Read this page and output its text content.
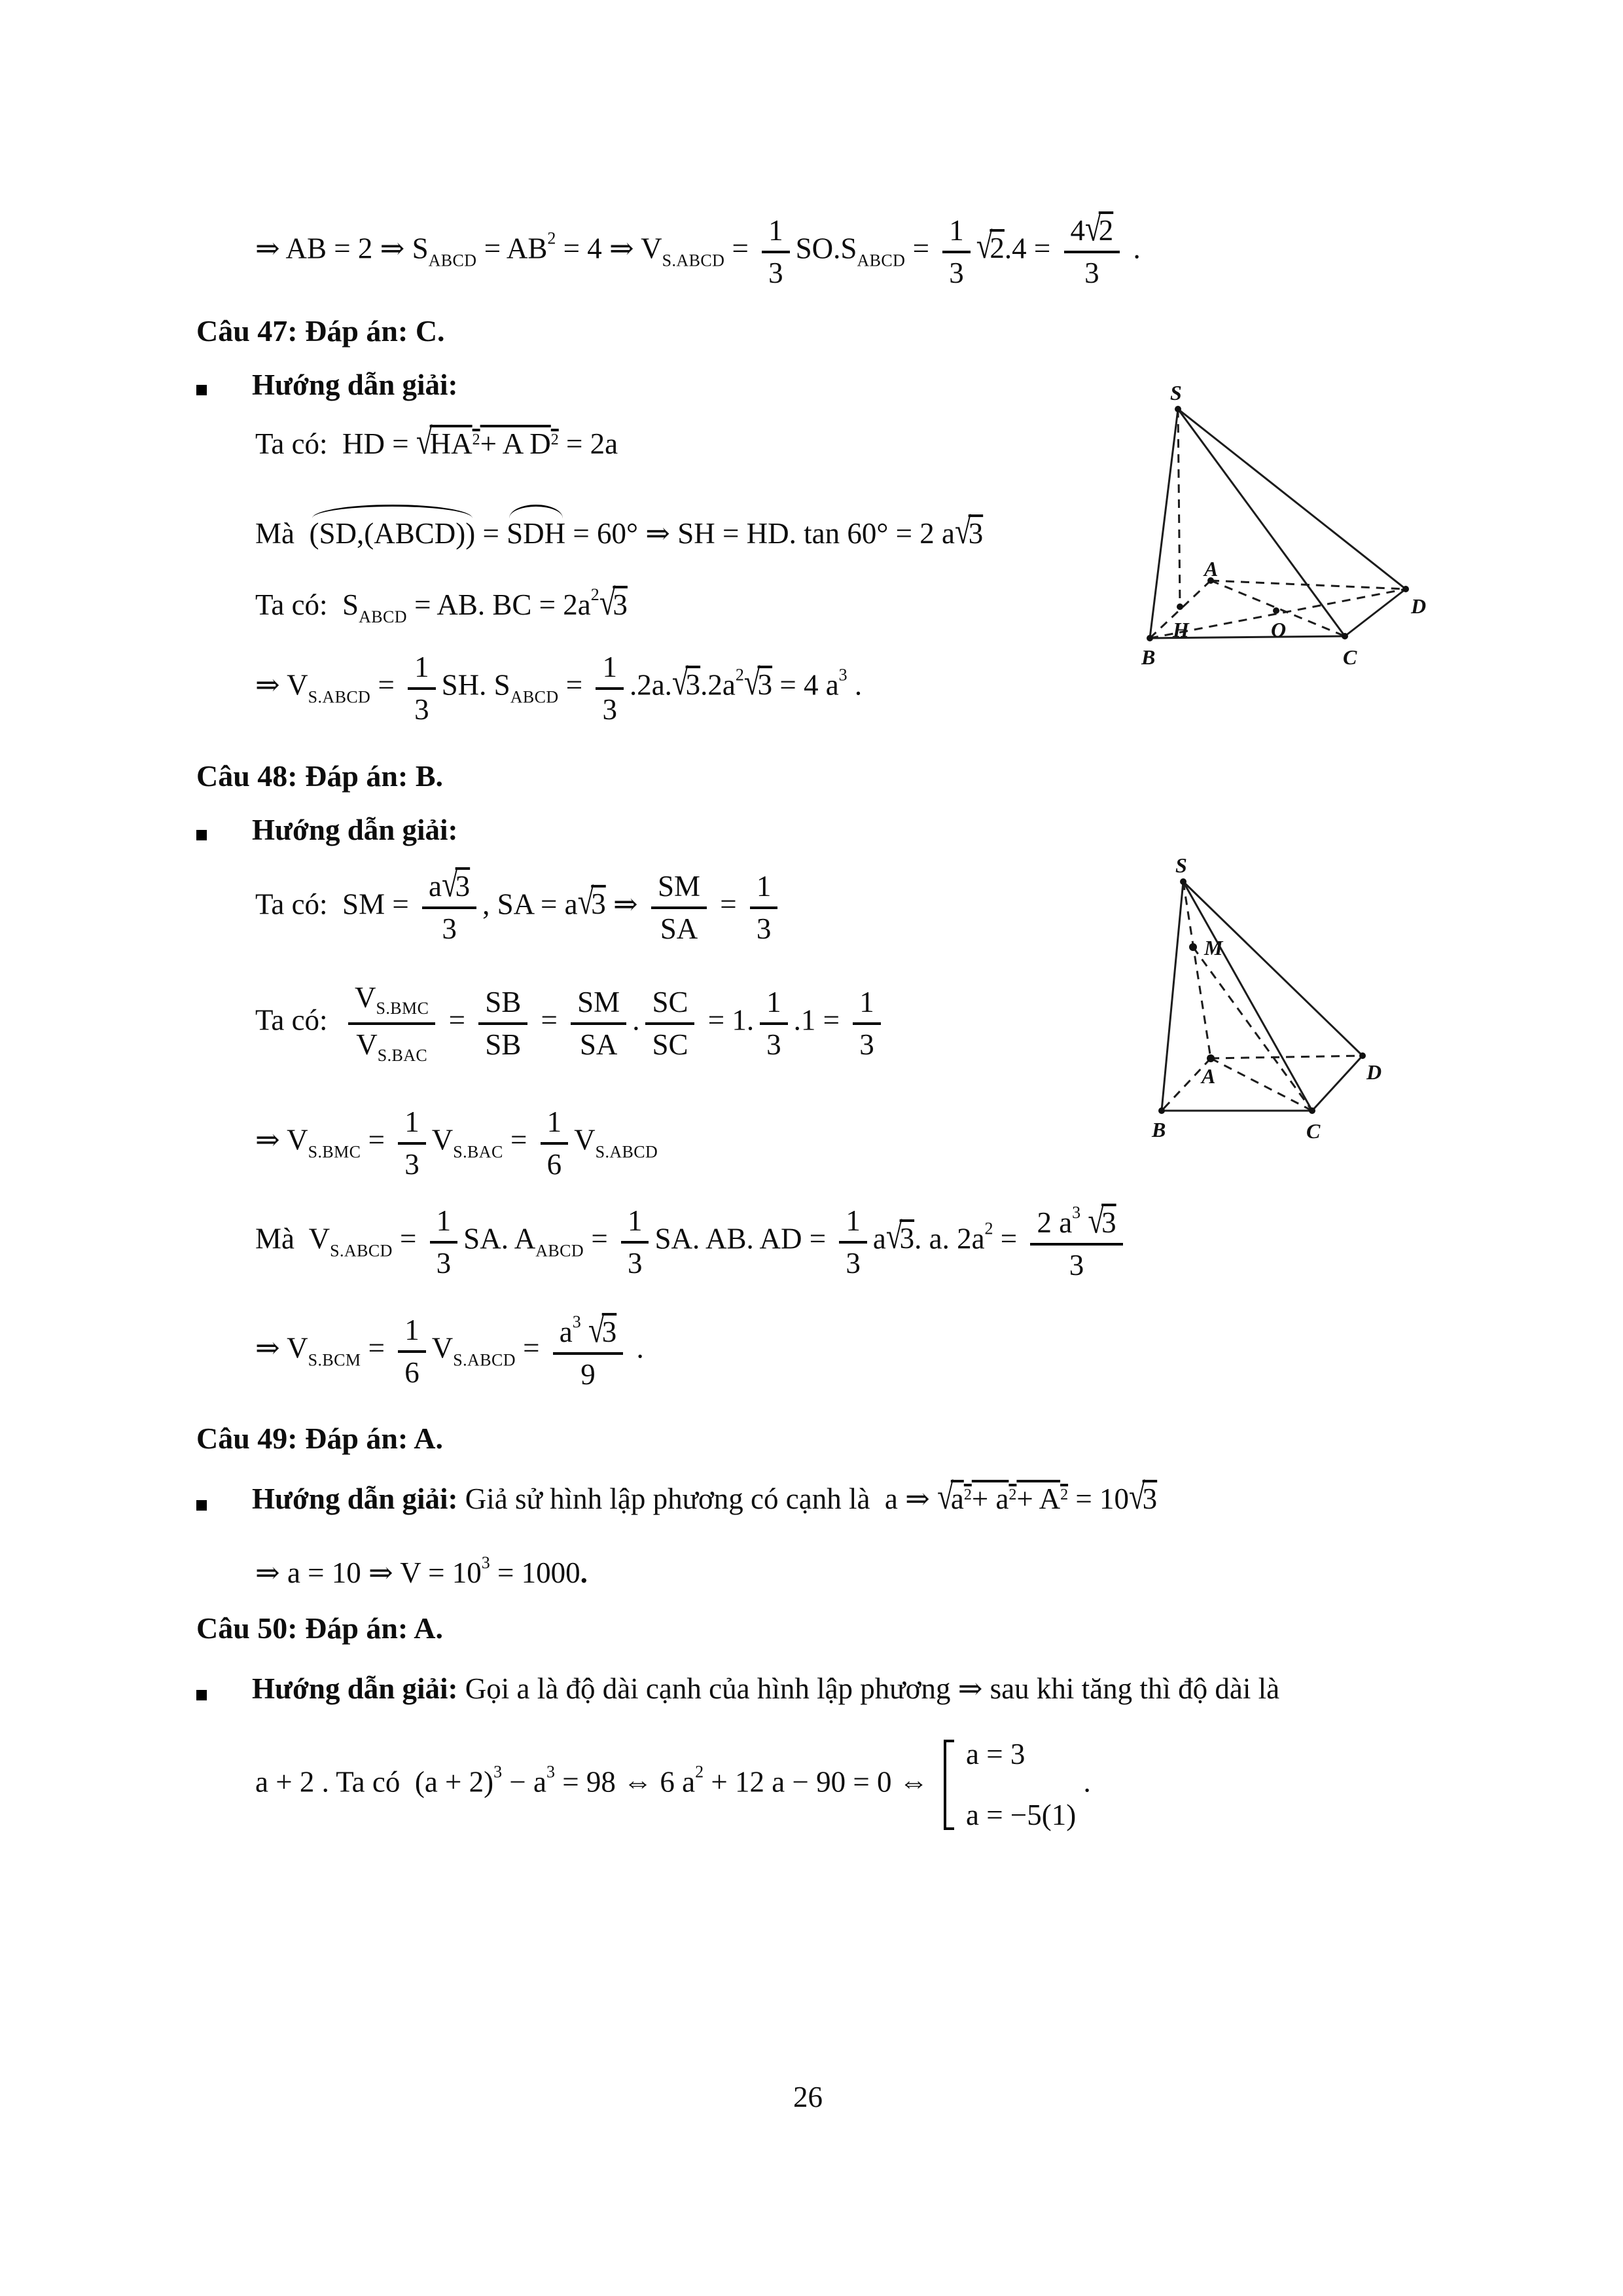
⇒ AB = 2 ⇒ $S_{ABCD} = AB^2 = 4$ ⇒ $V_{S.ABCD} = \frac{1}{3} SO.S_{ABCD} = \frac{1}{3} √2.4 = \frac{4√2}{3}$ .
Câu 47: Đáp án: C.
Hướng dẫn giải:
Ta có:  HD = $√HA^2+ A$ $D^2 = 2a$
Mà  (SD,(ABCD)) = SDH = 60° ⇒ SH = HD. tan 60° = 2 a√3
Ta có:  $S_{ABCD}$ = AB. BC = $2a^2√3$
⇒ $V_{S.ABCD} = \frac{1}{3}$ SH. $S_{ABCD} = \frac{1}{3} .2a.√3.2a^2√3 = 4$ $a^3$ .
S
A
B	C
D
H	O
Câu 48: Đáp án: B.
Hướng dẫn giải:
Ta có:  SM = $\frac{a√3}{3}$ , SA = a√3 ⇒ $\frac{SM}{SA} = \frac{1}{3}$
Ta có: $\frac{V_{S.BMC}}{V_{S.BAC}} = \frac{SB}{SB} = \frac{SM}{SA}$ . $\frac{SC}{SC} = 1$. $\frac{1}{3} .1 = \frac{1}{3}$
⇒ $V_{S.BMC} = \frac{1}{3} V_{S.BAC} = \frac{1}{6} V_{S.ABCD}$
Mà  $V_{S.ABCD} = \frac{1}{3}$ SA. $A_{ABCD} = \frac{1}{3}$ SA. AB. AD = $\frac{1}{3} a√3$. a. $2a^2 = \frac{2 a^3 √3}{3}$
⇒ $V_{S.BCM} = \frac{1}{6} V_{S.ABCD} = \frac{a^3 √3}{9}$ .
S
M
A
B	C
D
Câu 49: Đáp án: A.
Hướng dẫn giải: Giả sử hình lập phương có cạnh là  a ⇒ $√a^2+ a^2+ A^2 = 10√3$
⇒ a = 10 ⇒ $V = 10^3 = 1000$.
Câu 50: Đáp án: A.
Hướng dẫn giải: Gọi a là độ dài cạnh của hình lập phương ⇒ sau khi tăng thì độ dài là
a + 2 . Ta có  $(a + 2)^3 - a^3 = 98$ ⇔ 6 $a^2 + 12$ a − 90 = 0 ⇔
a = 3
a = −5(1)
.
26
